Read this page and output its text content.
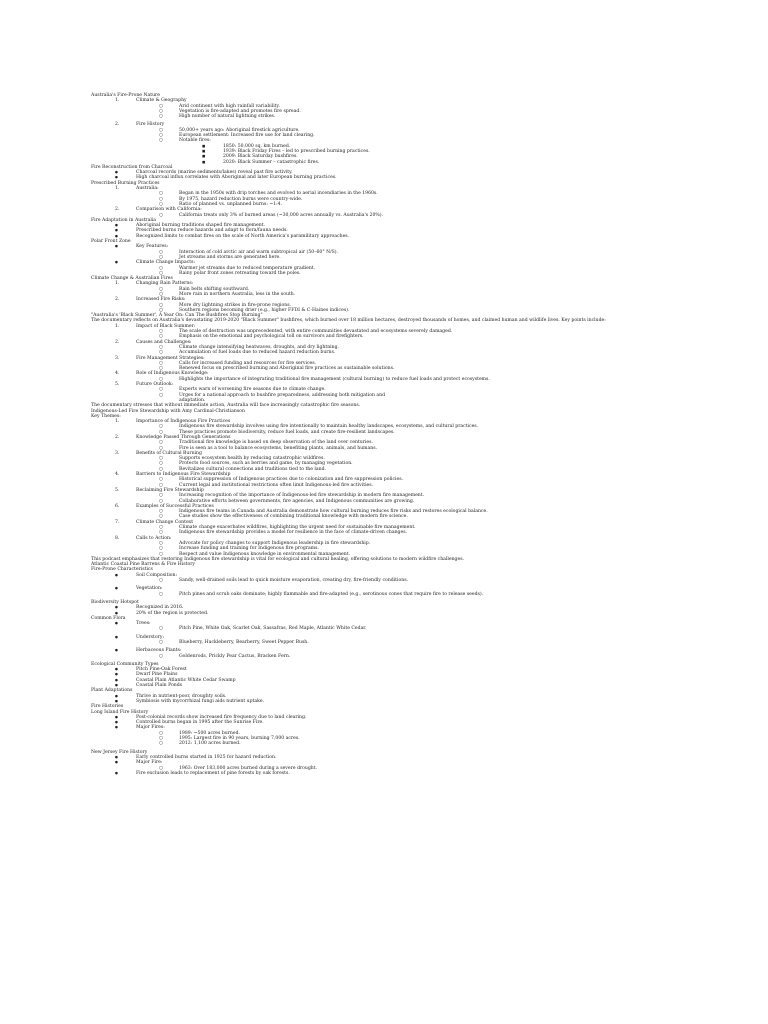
Australia's Fire-Prone Nature
1.	Climate & Geography
○	Arid continent with high rainfall variability.
○	Vegetation is fire-adapted and promotes fire spread.
○	High number of natural lightning strikes.
2.	Fire History
○	50,000+ years ago: Aboriginal firestick agriculture.
○	European settlement: Increased fire use for land clearing.
○	Notable fires:
■	1850: 50,000 sq. km burned.
■	1939: Black Friday Fires – led to prescribed burning practices.
■	2009: Black Saturday bushfires.
■	2020: Black Summer – catastrophic fires.
Fire Reconstruction from Charcoal
●	Charcoal records (marine sediments/lakes) reveal past fire activity.
●	High charcoal influx correlates with Aboriginal and later European burning practices.
Prescribed Burning Practices
1.	Australia:
○	Began in the 1950s with drip torches and evolved to aerial incendiaries in the 1960s.
○	By 1975, hazard reduction burns were country-wide.
○	Ratio of planned vs. unplanned burns: ~1:4.
2.	Comparison with California:
○	California treats only 3% of burned areas (~30,000 acres annually vs. Australia's 20%).
Fire Adaptation in Australia
●	Aboriginal burning traditions shaped fire management.
●	Prescribed burns reduce hazards and adapt to flora/fauna needs.
●	Recognized limits to combat fires on the scale of North America's paramilitary approaches.
Polar Front Zone
●	Key Features:
○	Interaction of cold arctic air and warm subtropical air (50–60° N/S).
○	Jet streams and storms are generated here.
●	Climate Change Impacts:
○	Warmer jet streams due to reduced temperature gradient.
○	Rainy polar front zones retreating toward the poles.
Climate Change & Australian Fires
1.	Changing Rain Patterns:
○	Rain belts shifting southward.
○	More rain in northern Australia, less in the south.
2.	Increased Fire Risks:
○	More dry lightning strikes in fire-prone regions.
○	Southern regions becoming drier (e.g., higher FFDI & C-Haines indices).
"Australia's 'Black Summer', A Year On: Can The Bushfires Stop Burning"
The documentary reflects on Australia's devastating 2019-2020 "Black Summer" bushfires, which burned over 18 million hectares, destroyed thousands of homes, and claimed human and wildlife lives. Key points include:
1.	Impact of Black Summer:
○	The scale of destruction was unprecedented, with entire communities devastated and ecosystems severely damaged.
○	Emphasis on the emotional and psychological toll on survivors and firefighters.
2.	Causes and Challenges:
○	Climate change intensifying heatwaves, droughts, and dry lightning.
○	Accumulation of fuel loads due to reduced hazard reduction burns.
3.	Fire Management Strategies:
○	Calls for increased funding and resources for fire services.
○	Renewed focus on prescribed burning and Aboriginal fire practices as sustainable solutions.
4.	Role of Indigenous Knowledge:
○	Highlights the importance of integrating traditional fire management (cultural burning) to reduce fuel loads and protect ecosystems.
5.	Future Outlook:
○	Experts warn of worsening fire seasons due to climate change.
○	Urges for a national approach to bushfire preparedness, addressing both mitigation and
adaptation.
The documentary stresses that without immediate action, Australia will face increasingly catastrophic fire seasons.
Indigenous-Led Fire Stewardship with Amy Cardinal-Christianson
Key Themes:
1.	Importance of Indigenous Fire Practices
○	Indigenous fire stewardship involves using fire intentionally to maintain healthy landscapes, ecosystems, and cultural practices.
○	These practices promote biodiversity, reduce fuel loads, and create fire-resilient landscapes.
2.	Knowledge Passed Through Generations
○	Traditional fire knowledge is based on deep observation of the land over centuries.
○	Fire is seen as a tool to balance ecosystems, benefiting plants, animals, and humans.
3.	Benefits of Cultural Burning
○	Supports ecosystem health by reducing catastrophic wildfires.
○	Protects food sources, such as berries and game, by managing vegetation.
○	Revitalizes cultural connections and traditions tied to the land.
4.	Barriers to Indigenous Fire Stewardship
○	Historical suppression of Indigenous practices due to colonization and fire suppression policies.
○	Current legal and institutional restrictions often limit Indigenous-led fire activities.
5.	Reclaiming Fire Stewardship
○	Increasing recognition of the importance of Indigenous-led fire stewardship in modern fire management.
○	Collaborative efforts between governments, fire agencies, and Indigenous communities are growing.
6.	Examples of Successful Practices
○	Indigenous fire teams in Canada and Australia demonstrate how cultural burning reduces fire risks and restores ecological balance.
○	Case studies show the effectiveness of combining traditional knowledge with modern fire science.
7.	Climate Change Context
○	Climate change exacerbates wildfires, highlighting the urgent need for sustainable fire management.
○	Indigenous fire stewardship provides a model for resilience in the face of climate-driven changes.
8.	Calls to Action:
○	Advocate for policy changes to support Indigenous leadership in fire stewardship.
○	Increase funding and training for Indigenous fire programs.
○	Respect and value Indigenous knowledge in environmental management.
This podcast emphasizes that restoring Indigenous fire stewardship is vital for ecological and cultural healing, offering solutions to modern wildfire challenges.
Atlantic Coastal Pine Barrens & Fire History
Fire-Prone Characteristics
●	Soil Composition:
○	Sandy, well-drained soils lead to quick moisture evaporation, creating dry, fire-friendly conditions.
●	Vegetation:
○	Pitch pines and scrub oaks dominate; highly flammable and fire-adapted (e.g., serotinous cones that require fire to release seeds).
Biodiversity Hotspot
●	Recognized in 2016.
●	20% of the region is protected.
Common Flora
●	Trees:
○	Pitch Pine, White Oak, Scarlet Oak, Sassafras, Red Maple, Atlantic White Cedar.
●	Understory:
○	Blueberry, Huckleberry, Bearberry, Sweet Pepper Bush.
●	Herbaceous Plants:
○	Goldenrods, Prickly Pear Cactus, Bracken Fern.
Ecological Community Types
●	Pitch Pine-Oak Forest
●	Dwarf Pine Plains
●	Coastal Plain Atlantic White Cedar Swamp
●	Coastal Plain Ponds
Plant Adaptations
●	Thrive in nutrient-poor, droughty soils.
●	Symbiosis with mycorrhizal fungi aids nutrient uptake.
Fire Histories
Long Island Fire History
●	Post-colonial records show increased fire frequency due to land clearing.
●	Controlled burns began in 1995 after the Sunrise Fire.
●	Major Fires:
○	1989: ~500 acres burned.
○	1995: Largest fire in 90 years, burning 7,000 acres.
○	2012: 1,100 acres burned.
New Jersey Fire History
●	Early controlled burns started in 1925 for hazard reduction.
●	Major Fire:
○	1963: Over 183,000 acres burned during a severe drought.
●	Fire exclusion leads to replacement of pine forests by oak forests.
